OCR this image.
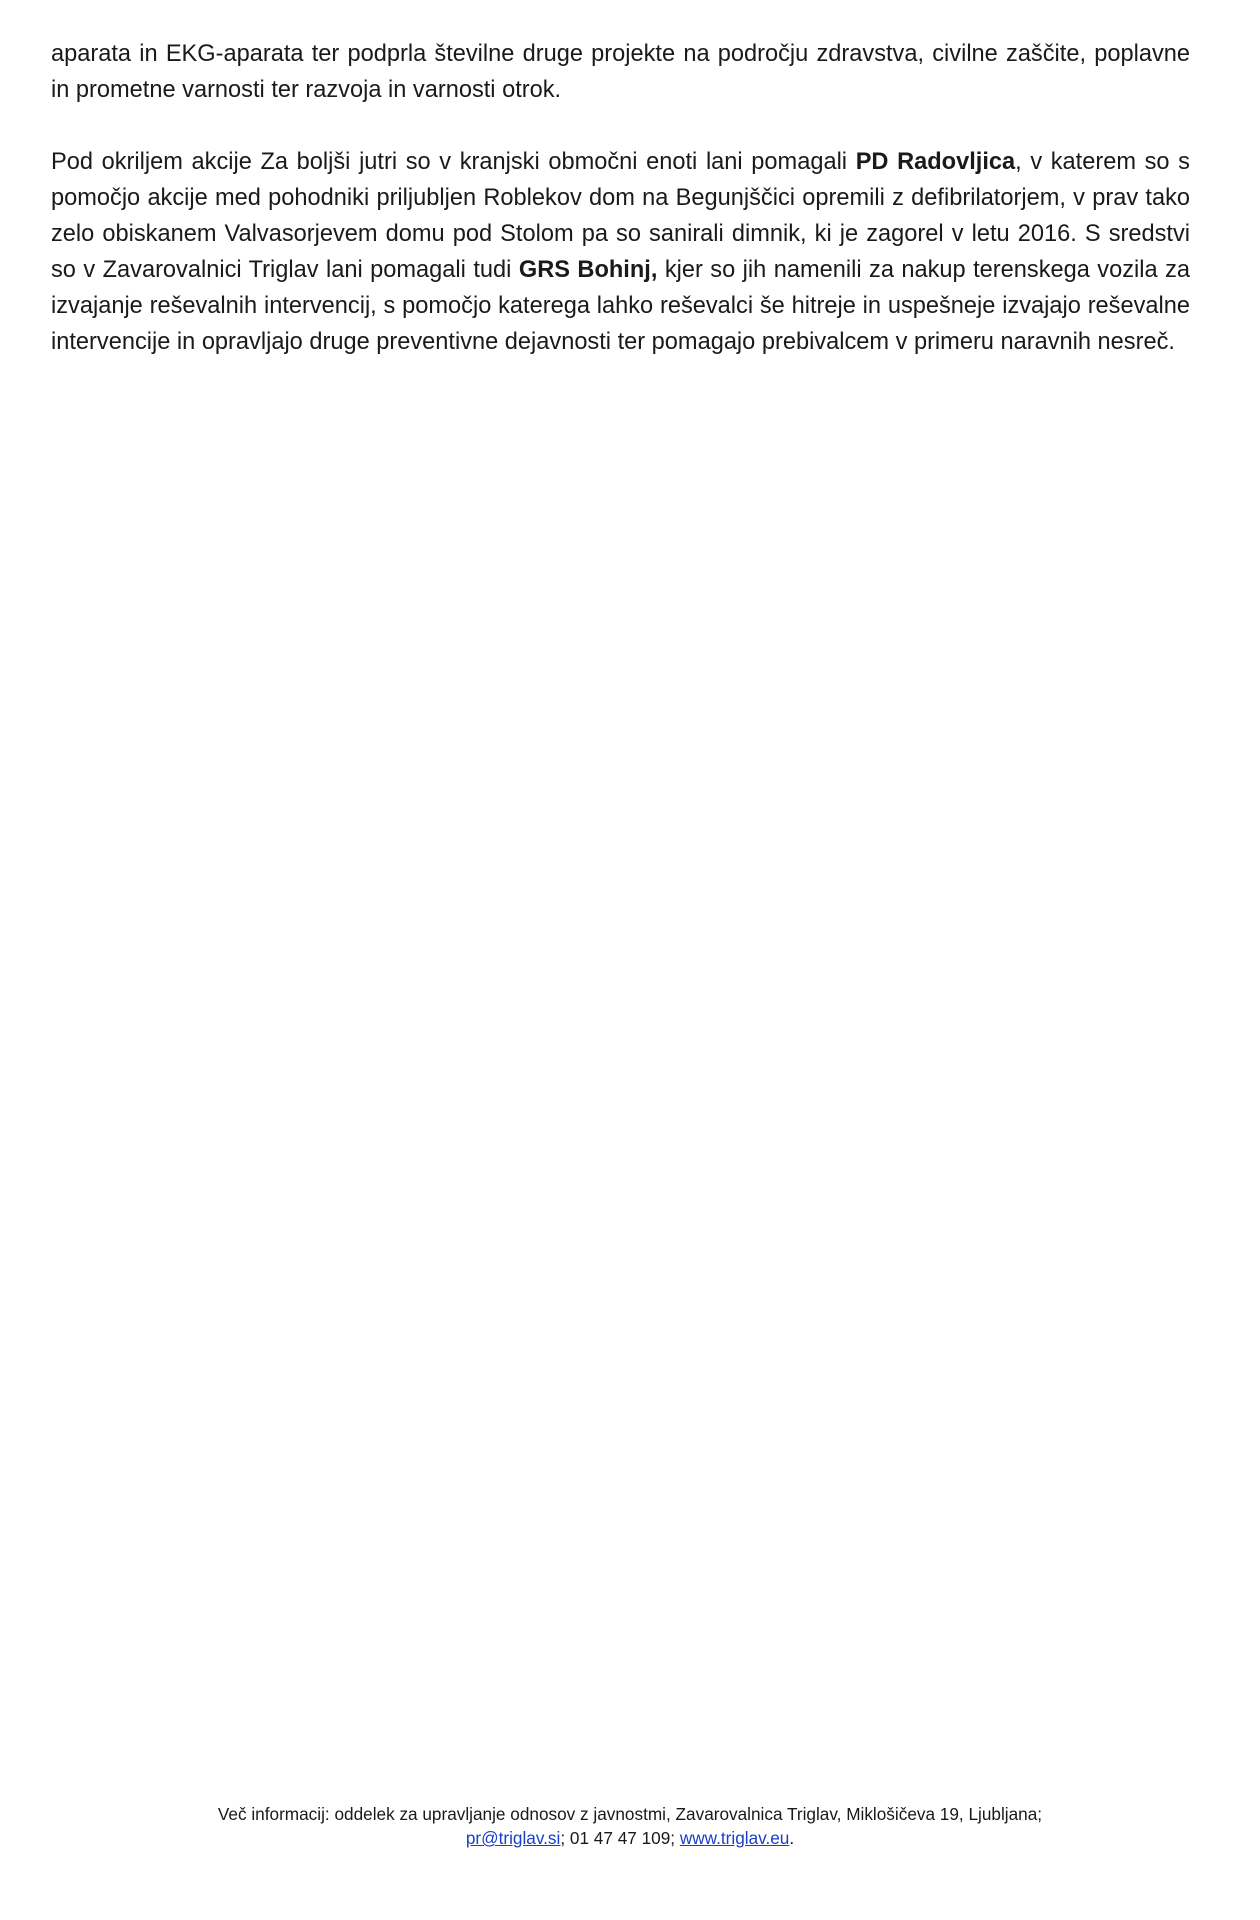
aparata in EKG-aparata ter podprla številne druge projekte na področju zdravstva, civilne zaščite, poplavne in prometne varnosti ter razvoja in varnosti otrok.

Pod okriljem akcije Za boljši jutri so v kranjski območni enoti lani pomagali PD Radovljica, v katerem so s pomočjo akcije med pohodniki priljubljen Roblekov dom na Begunjščici opremili z defibrilatorjem, v prav tako zelo obiskanem Valvasorjevem domu pod Stolom pa so sanirali dimnik, ki je zagorel v letu 2016. S sredstvi so v Zavarovalnici Triglav lani pomagali tudi GRS Bohinj, kjer so jih namenili za nakup terenskega vozila za izvajanje reševalnih intervencij, s pomočjo katerega lahko reševalci še hitreje in uspešneje izvajajo reševalne intervencije in opravljajo druge preventivne dejavnosti ter pomagajo prebivalcem v primeru naravnih nesreč.

Več informacij: oddelek za upravljanje odnosov z javnostmi, Zavarovalnica Triglav, Miklošičeva 19, Ljubljana;
pr@triglav.si; 01 47 47 109; www.triglav.eu.
